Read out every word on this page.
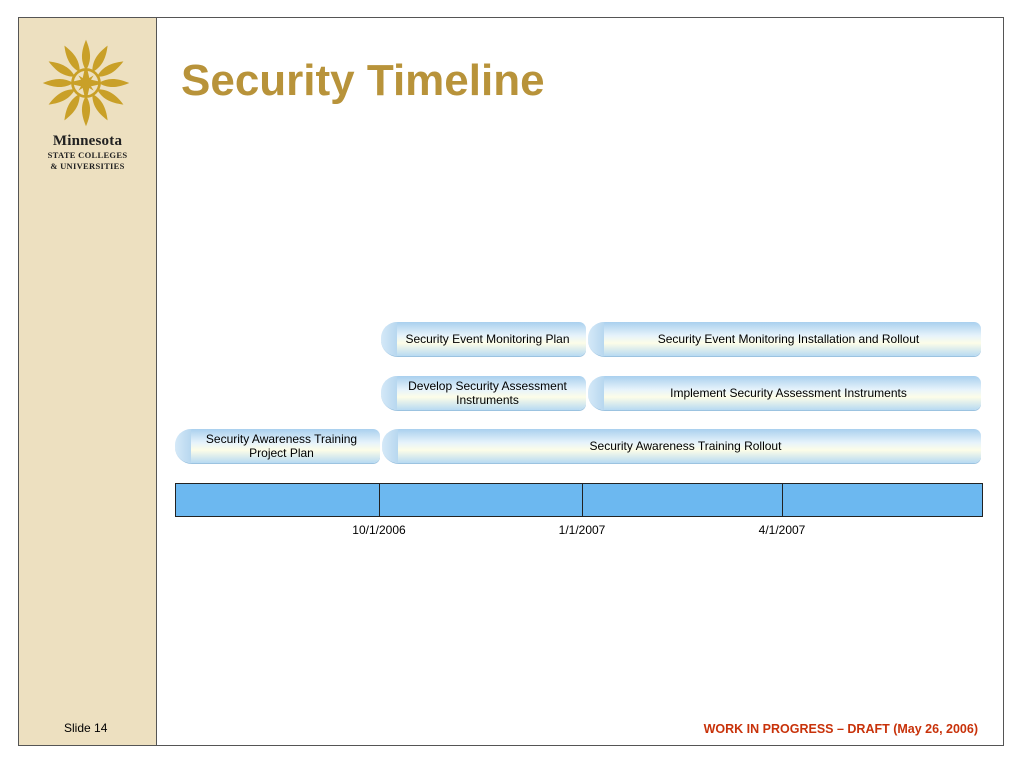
Minnesota
STATE COLLEGES
& UNIVERSITIES
Slide 14
Security Timeline
Security Event Monitoring Plan	Security Event Monitoring Installation and Rollout
Develop Security Assessment Instruments	Implement Security Assessment Instruments
Security Awareness Training Project Plan	Security Awareness Training Rollout
10/1/2006	1/1/2007	4/1/2007
WORK IN PROGRESS – DRAFT (May 26, 2006)
